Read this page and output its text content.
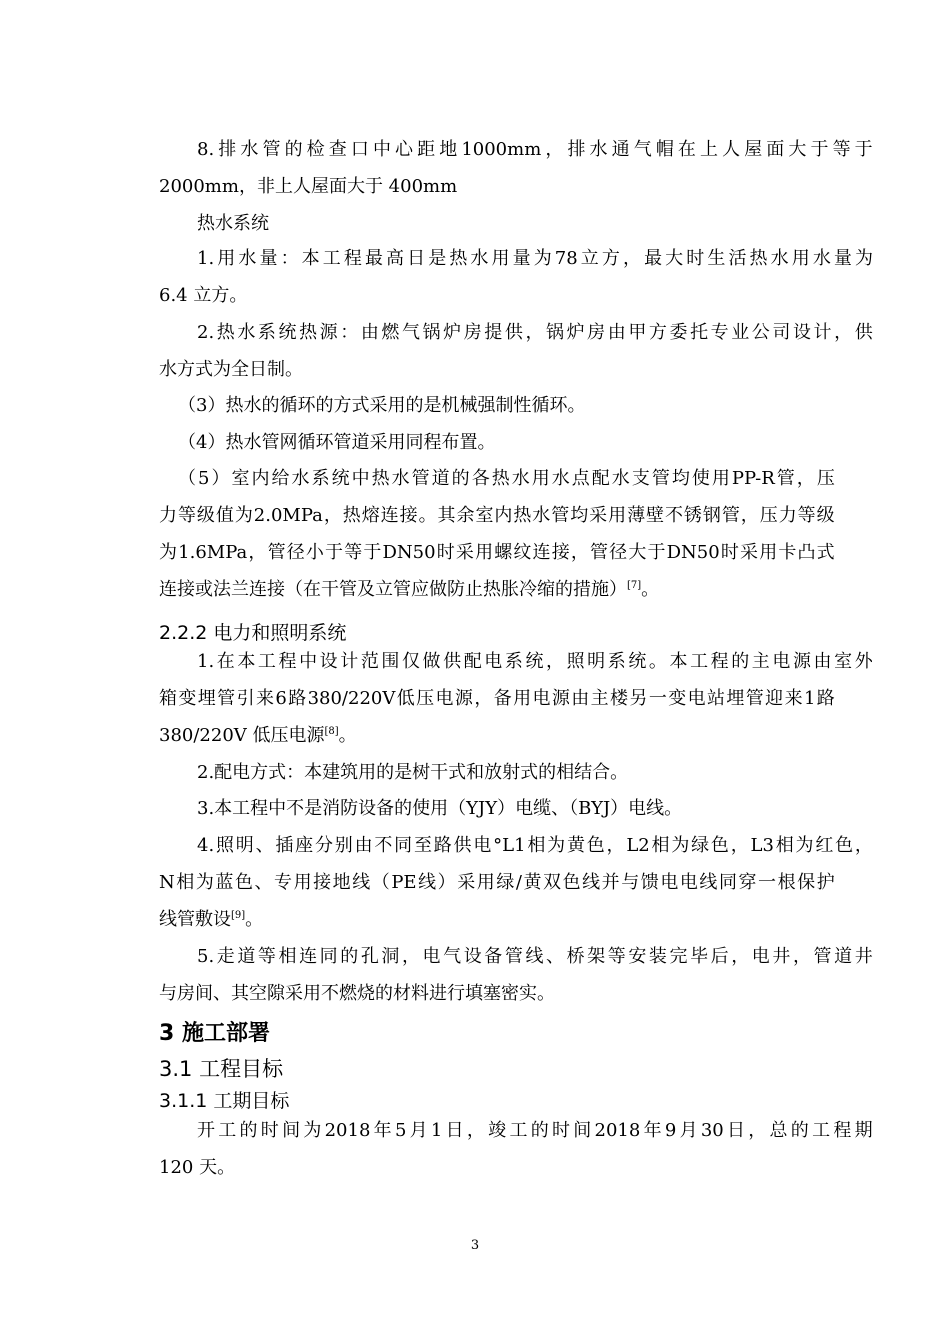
8. 排 水 管 的 检 查 口 中 心 距 地 1000mm ， 排 水 通 气 帽 在 上 人 屋 面 大 于 等 于
2000mm，非上人屋面大于 400mm
热水系统
1. 用 水 量 ： 本 工 程 最 高 日 是 热 水 用 量 为 78 立 方 ， 最 大 时 生 活 热 水 用 水 量 为
6.4 立方。
2. 热 水 系 统 热 源 ： 由 燃 气 锅 炉 房 提 供 ， 锅 炉 房 由 甲 方 委 托 专 业 公 司 设 计 ， 供
水方式为全日制。
（3）热水的循环的方式采用的是机械强制性循环。
（4）热水管网循环管道采用同程布置。
（ 5 ） 室 内 给 水 系 统 中 热 水 管 道 的 各 热 水 用 水 点 配 水 支 管 均 使 用 PP-R 管 ， 压
力 等 级 值 为 2.0MPa ， 热 熔 连 接 。 其 余 室 内 热 水 管 均 采 用 薄 壁 不 锈 钢 管 ， 压 力 等 级
为 1.6MPa ， 管 径 小 于 等 于 DN50 时 采 用 螺 纹 连 接 ， 管 径 大 于 DN50 时 采 用 卡 凸 式
连接或法兰连接（在干管及立管应做防止热胀冷缩的措施）[7]。
2.2.2 电力和照明系统
1. 在 本 工 程 中 设 计 范 围 仅 做 供 配 电 系 统 ， 照 明 系 统 。 本 工 程 的 主 电 源 由 室 外
箱 变 埋 管 引 来 6 路 380/220V 低 压 电 源 ， 备 用 电 源 由 主 楼 另 一 变 电 站 埋 管 迎 来 1 路
380/220V 低压电源[8]。
2.配电方式：本建筑用的是树干式和放射式的相结合。
3.本工程中不是消防设备的使用（YJY）电缆、（BYJ）电线。
4. 照 明 、 插 座 分 别 由 不 同 至 路 供 电 °L1 相 为 黄 色 ， L2 相 为 绿 色 ， L3 相 为 红 色 ，
N 相 为 蓝 色 、 专 用 接 地 线 （ PE 线 ） 采 用 绿 / 黄 双 色 线 并 与 馈 电 电 线 同 穿 一 根 保 护
线管敷设[9]。
5. 走 道 等 相 连 同 的 孔 洞 ， 电 气 设 备 管 线 、 桥 架 等 安 装 完 毕 后 ， 电 井 ， 管 道 井
与房间、其空隙采用不燃烧的材料进行填塞密实。
3 施工部署
3.1 工程目标
3.1.1 工期目标
开 工 的 时 间 为 2018 年 5 月 1 日 ， 竣 工 的 时 间 2018 年 9 月 30 日 ， 总 的 工 程 期
120 天。
3
